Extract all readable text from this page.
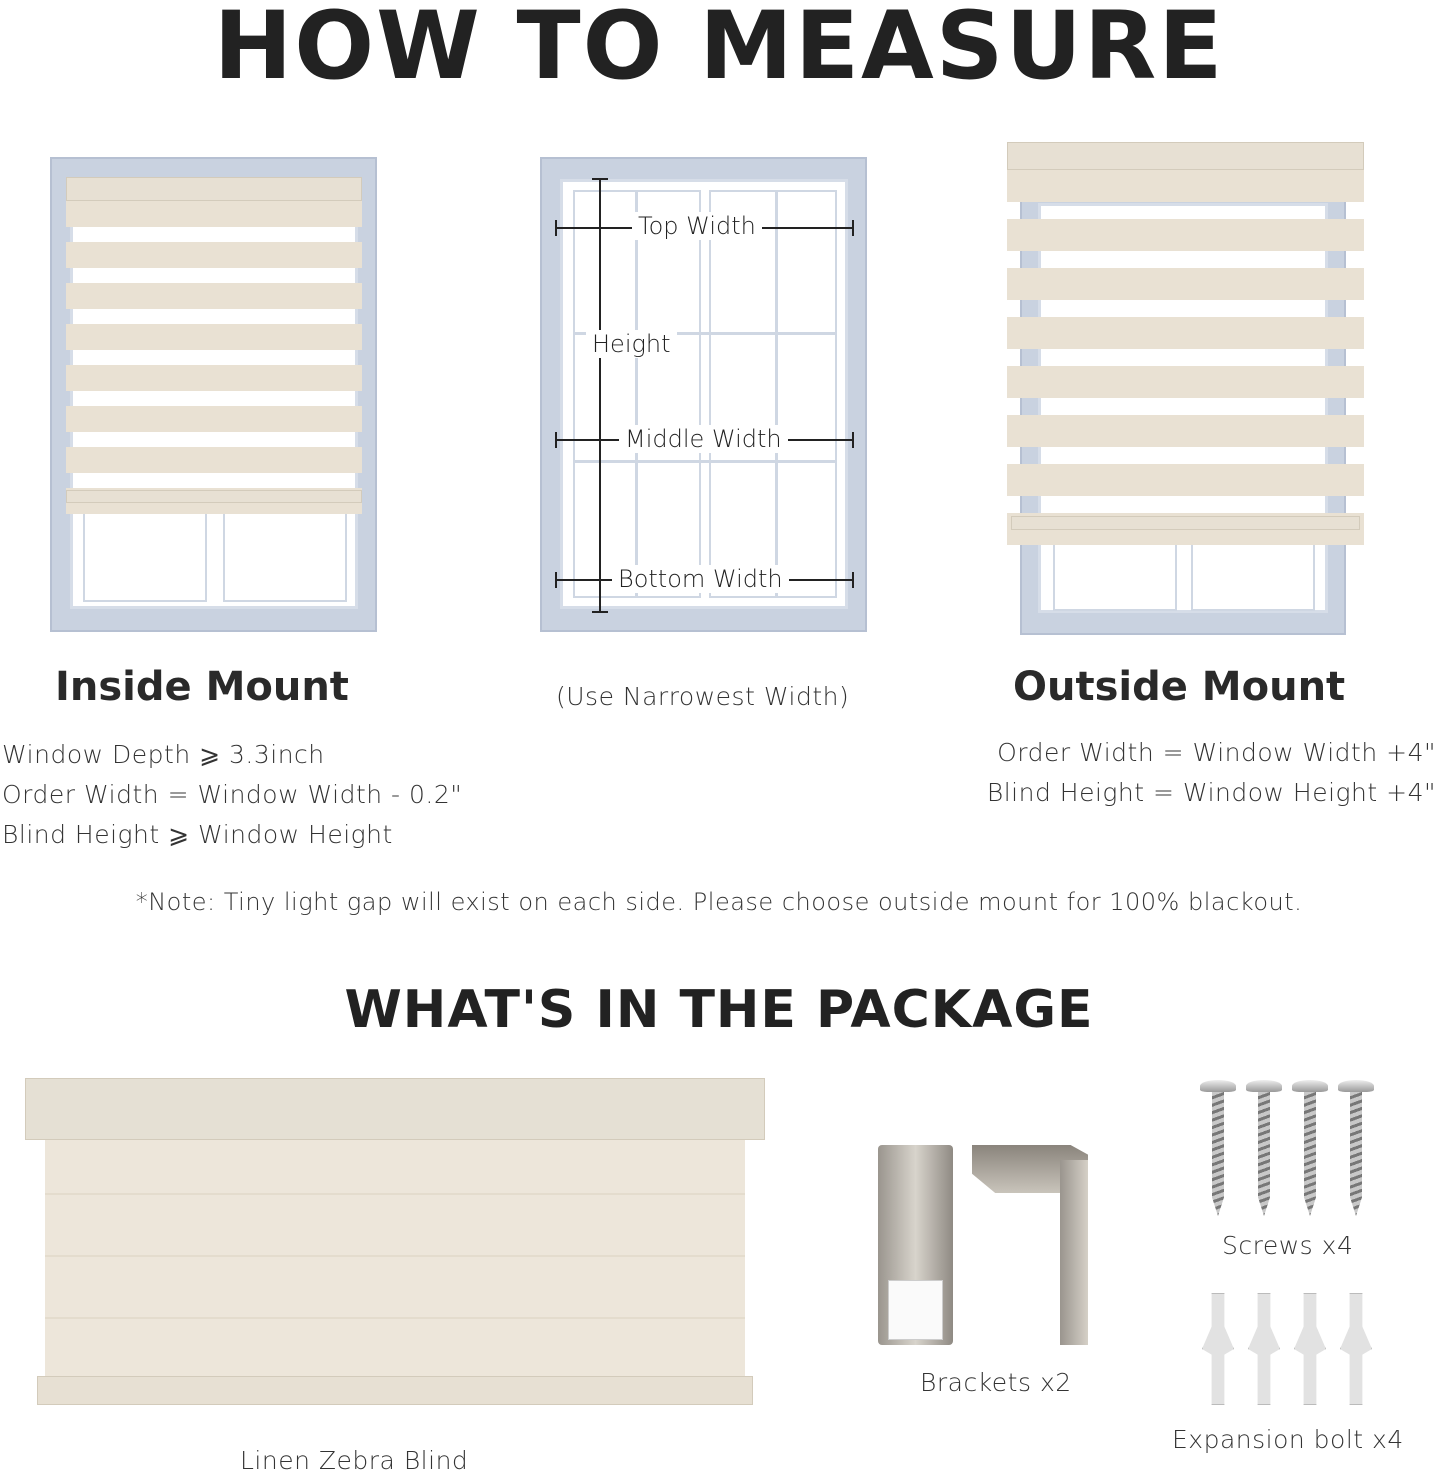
HOW TO MEASURE
Top Width
Height
Middle Width
Bottom Width
Inside Mount	(Use Narrowest Width)	Outside Mount
Window Depth ⩾ 3.3inch
Order Width = Window Width - 0.2"
Blind Height ⩾ Window Height
Order Width = Window Width +4"
Blind Height = Window Height +4"
*Note: Tiny light gap will exist on each side. Please choose outside mount for 100% blackout.
WHAT'S IN THE PACKAGE
Linen Zebra Blind
Brackets x2
Screws x4
Expansion bolt x4
